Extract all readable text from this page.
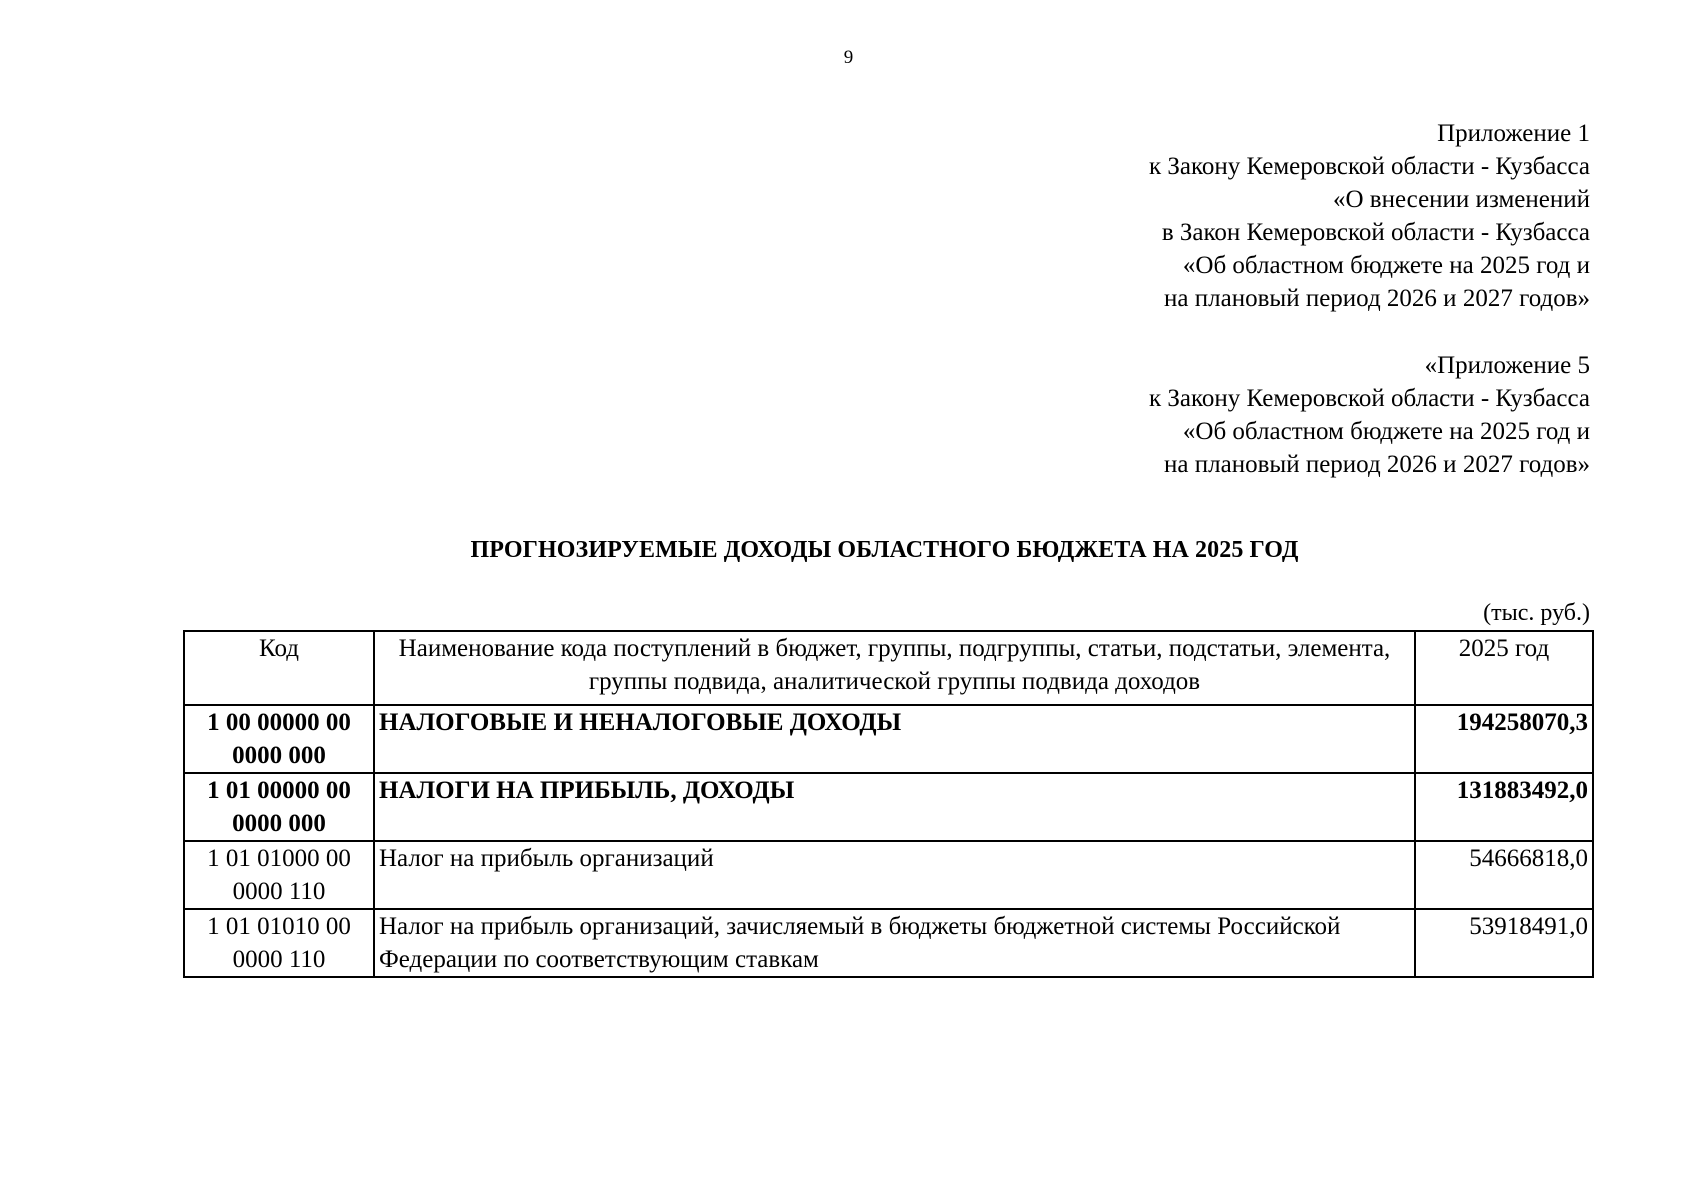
9
Приложение 1
к Закону Кемеровской области - Кузбасса
«О внесении изменений
в Закон Кемеровской области - Кузбасса
«Об областном бюджете на 2025 год и
на плановый период 2026 и 2027 годов»
«Приложение 5
к Закону Кемеровской области - Кузбасса
«Об областном бюджете на 2025 год и
на плановый период 2026 и 2027 годов»
ПРОГНОЗИРУЕМЫЕ ДОХОДЫ ОБЛАСТНОГО БЮДЖЕТА НА 2025 ГОД
(тыс. руб.)
Код	Наименование кода поступлений в бюджет, группы, подгруппы, статьи, подстатьи, элемента, группы подвида, аналитической группы подвида доходов	2025 год

1 00 00000 00
0000 000	НАЛОГОВЫЕ И НЕНАЛОГОВЫЕ ДОХОДЫ	194258070,3

1 01 00000 00
0000 000	НАЛОГИ НА ПРИБЫЛЬ, ДОХОДЫ	131883492,0

1 01 01000 00
0000 110	Налог на прибыль организаций	54666818,0

1 01 01010 00
0000 110	Налог на прибыль организаций, зачисляемый в бюджеты бюджетной системы Российской Федерации по соответствующим ставкам	53918491,0
